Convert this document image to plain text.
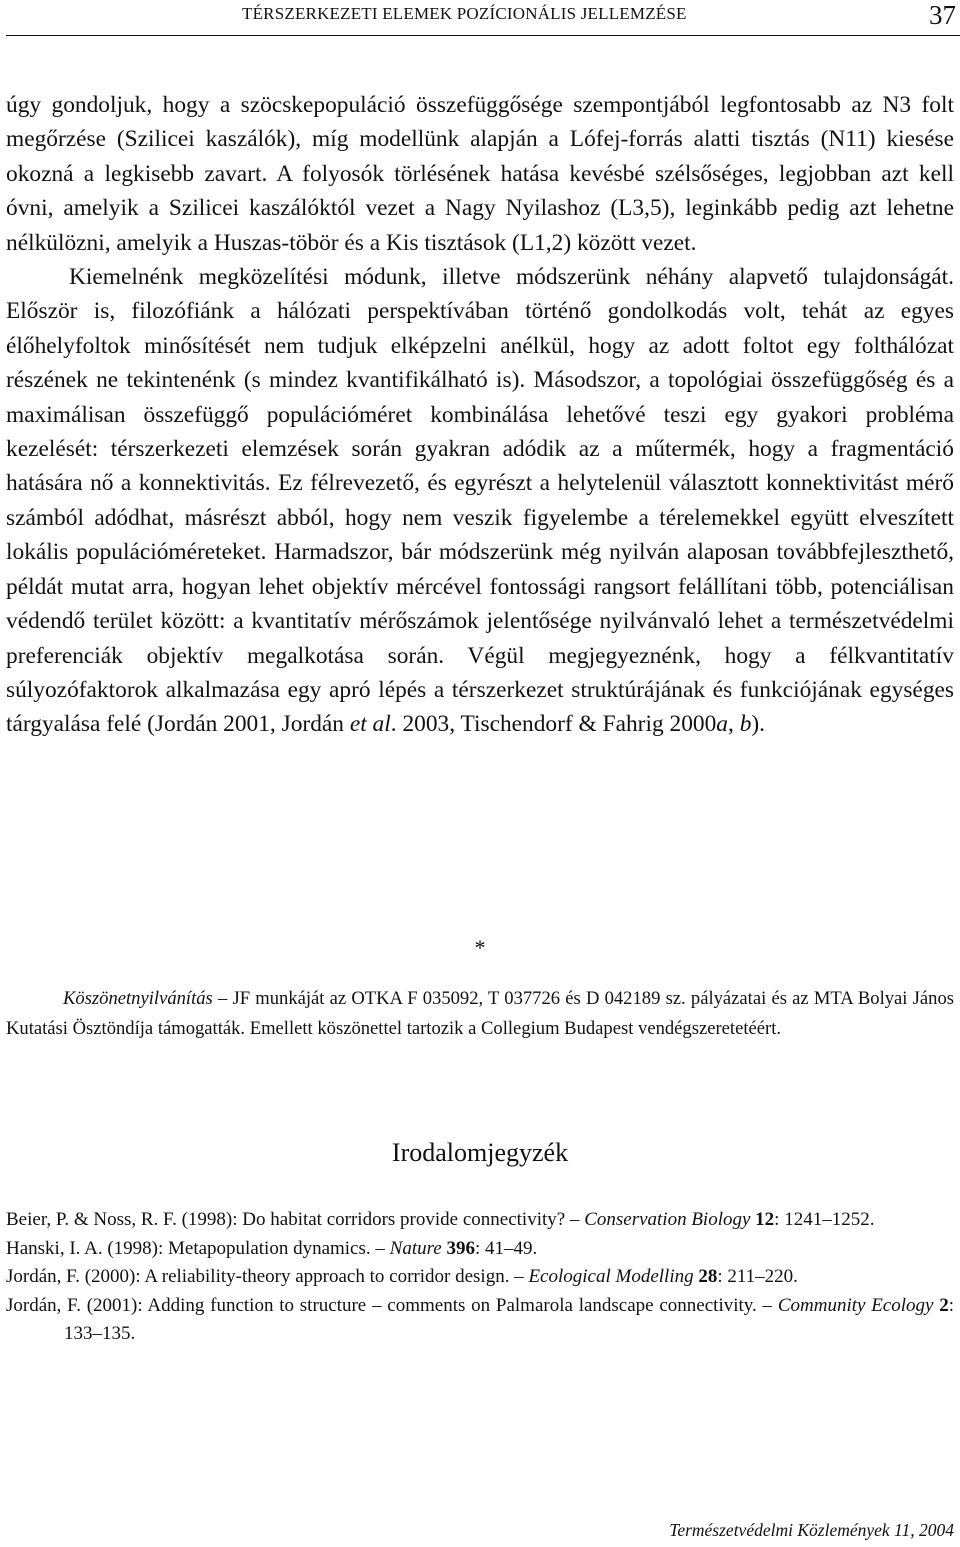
TÉRSZERKEZETI ELEMEK POZÍCIONÁLIS JELLEMZÉSE	37

úgy gondoljuk, hogy a szöcskepopuláció összefüggősége szempontjából legfontosabb az N3 folt megőrzése (Szilicei kaszálók), míg modellünk alapján a Lófej-forrás alatti tisztás (N11) kiesése okozná a legkisebb zavart. A folyosók törlésének hatása kevésbé szélsőséges, legjobban azt kell óvni, amelyik a Szilicei kaszálóktól vezet a Nagy Nyilashoz (L3,5), leginkább pedig azt lehetne nélkülözni, amelyik a Huszas-töbör és a Kis tisztások (L1,2) között vezet.

Kiemelnénk megközelítési módunk, illetve módszerünk néhány alapvető tulajdonságát. Először is, filozófiánk a hálózati perspektívában történő gondolkodás volt, tehát az egyes élőhelyfoltok minősítését nem tudjuk elképzelni anélkül, hogy az adott foltot egy folthálózat részének ne tekintenénk (s mindez kvantifikálható is). Másodszor, a topológiai összefüggőség és a maximálisan összefüggő populációméret kombinálása lehetővé teszi egy gyakori probléma kezelését: térszerkezeti elemzések során gyakran adódik az a műtermék, hogy a fragmentáció hatására nő a konnektivitás. Ez félrevezető, és egyrészt a helytelenül választott konnektivitást mérő számból adódhat, másrészt abból, hogy nem veszik figyelembe a térelemekkel együtt elveszített lokális populációméreteket. Harmadszor, bár módszerünk még nyilván alaposan továbbfejleszthető, példát mutat arra, hogyan lehet objektív mércével fontossági rangsort felállítani több, potenciálisan védendő terület között: a kvantitatív mérőszámok jelentősége nyilvánvaló lehet a természetvédelmi preferenciák objektív megalkotása során. Végül megjegyeznénk, hogy a félkvantitatív súlyozófaktorok alkalmazása egy apró lépés a térszerkezet struktúrájának és funkciójának egységes tárgyalása felé (Jordán 2001, Jordán et al. 2003, Tischendorf & Fahrig 2000a, b).

*

Köszönetnyilvánítás – JF munkáját az OTKA F 035092, T 037726 és D 042189 sz. pályázatai és az MTA Bolyai János Kutatási Ösztöndíja támogatták. Emellett köszönettel tartozik a Collegium Budapest vendégszeretetéért.

Irodalomjegyzék

Beier, P. & Noss, R. F. (1998): Do habitat corridors provide connectivity? – Conservation Biology 12: 1241–1252.

Hanski, I. A. (1998): Metapopulation dynamics. – Nature 396: 41–49.

Jordán, F. (2000): A reliability-theory approach to corridor design. – Ecological Modelling 28: 211–220.

Jordán, F. (2001): Adding function to structure – comments on Palmarola landscape connectivity. – Community Ecology 2: 133–135.

Természetvédelmi Közlemények 11, 2004
